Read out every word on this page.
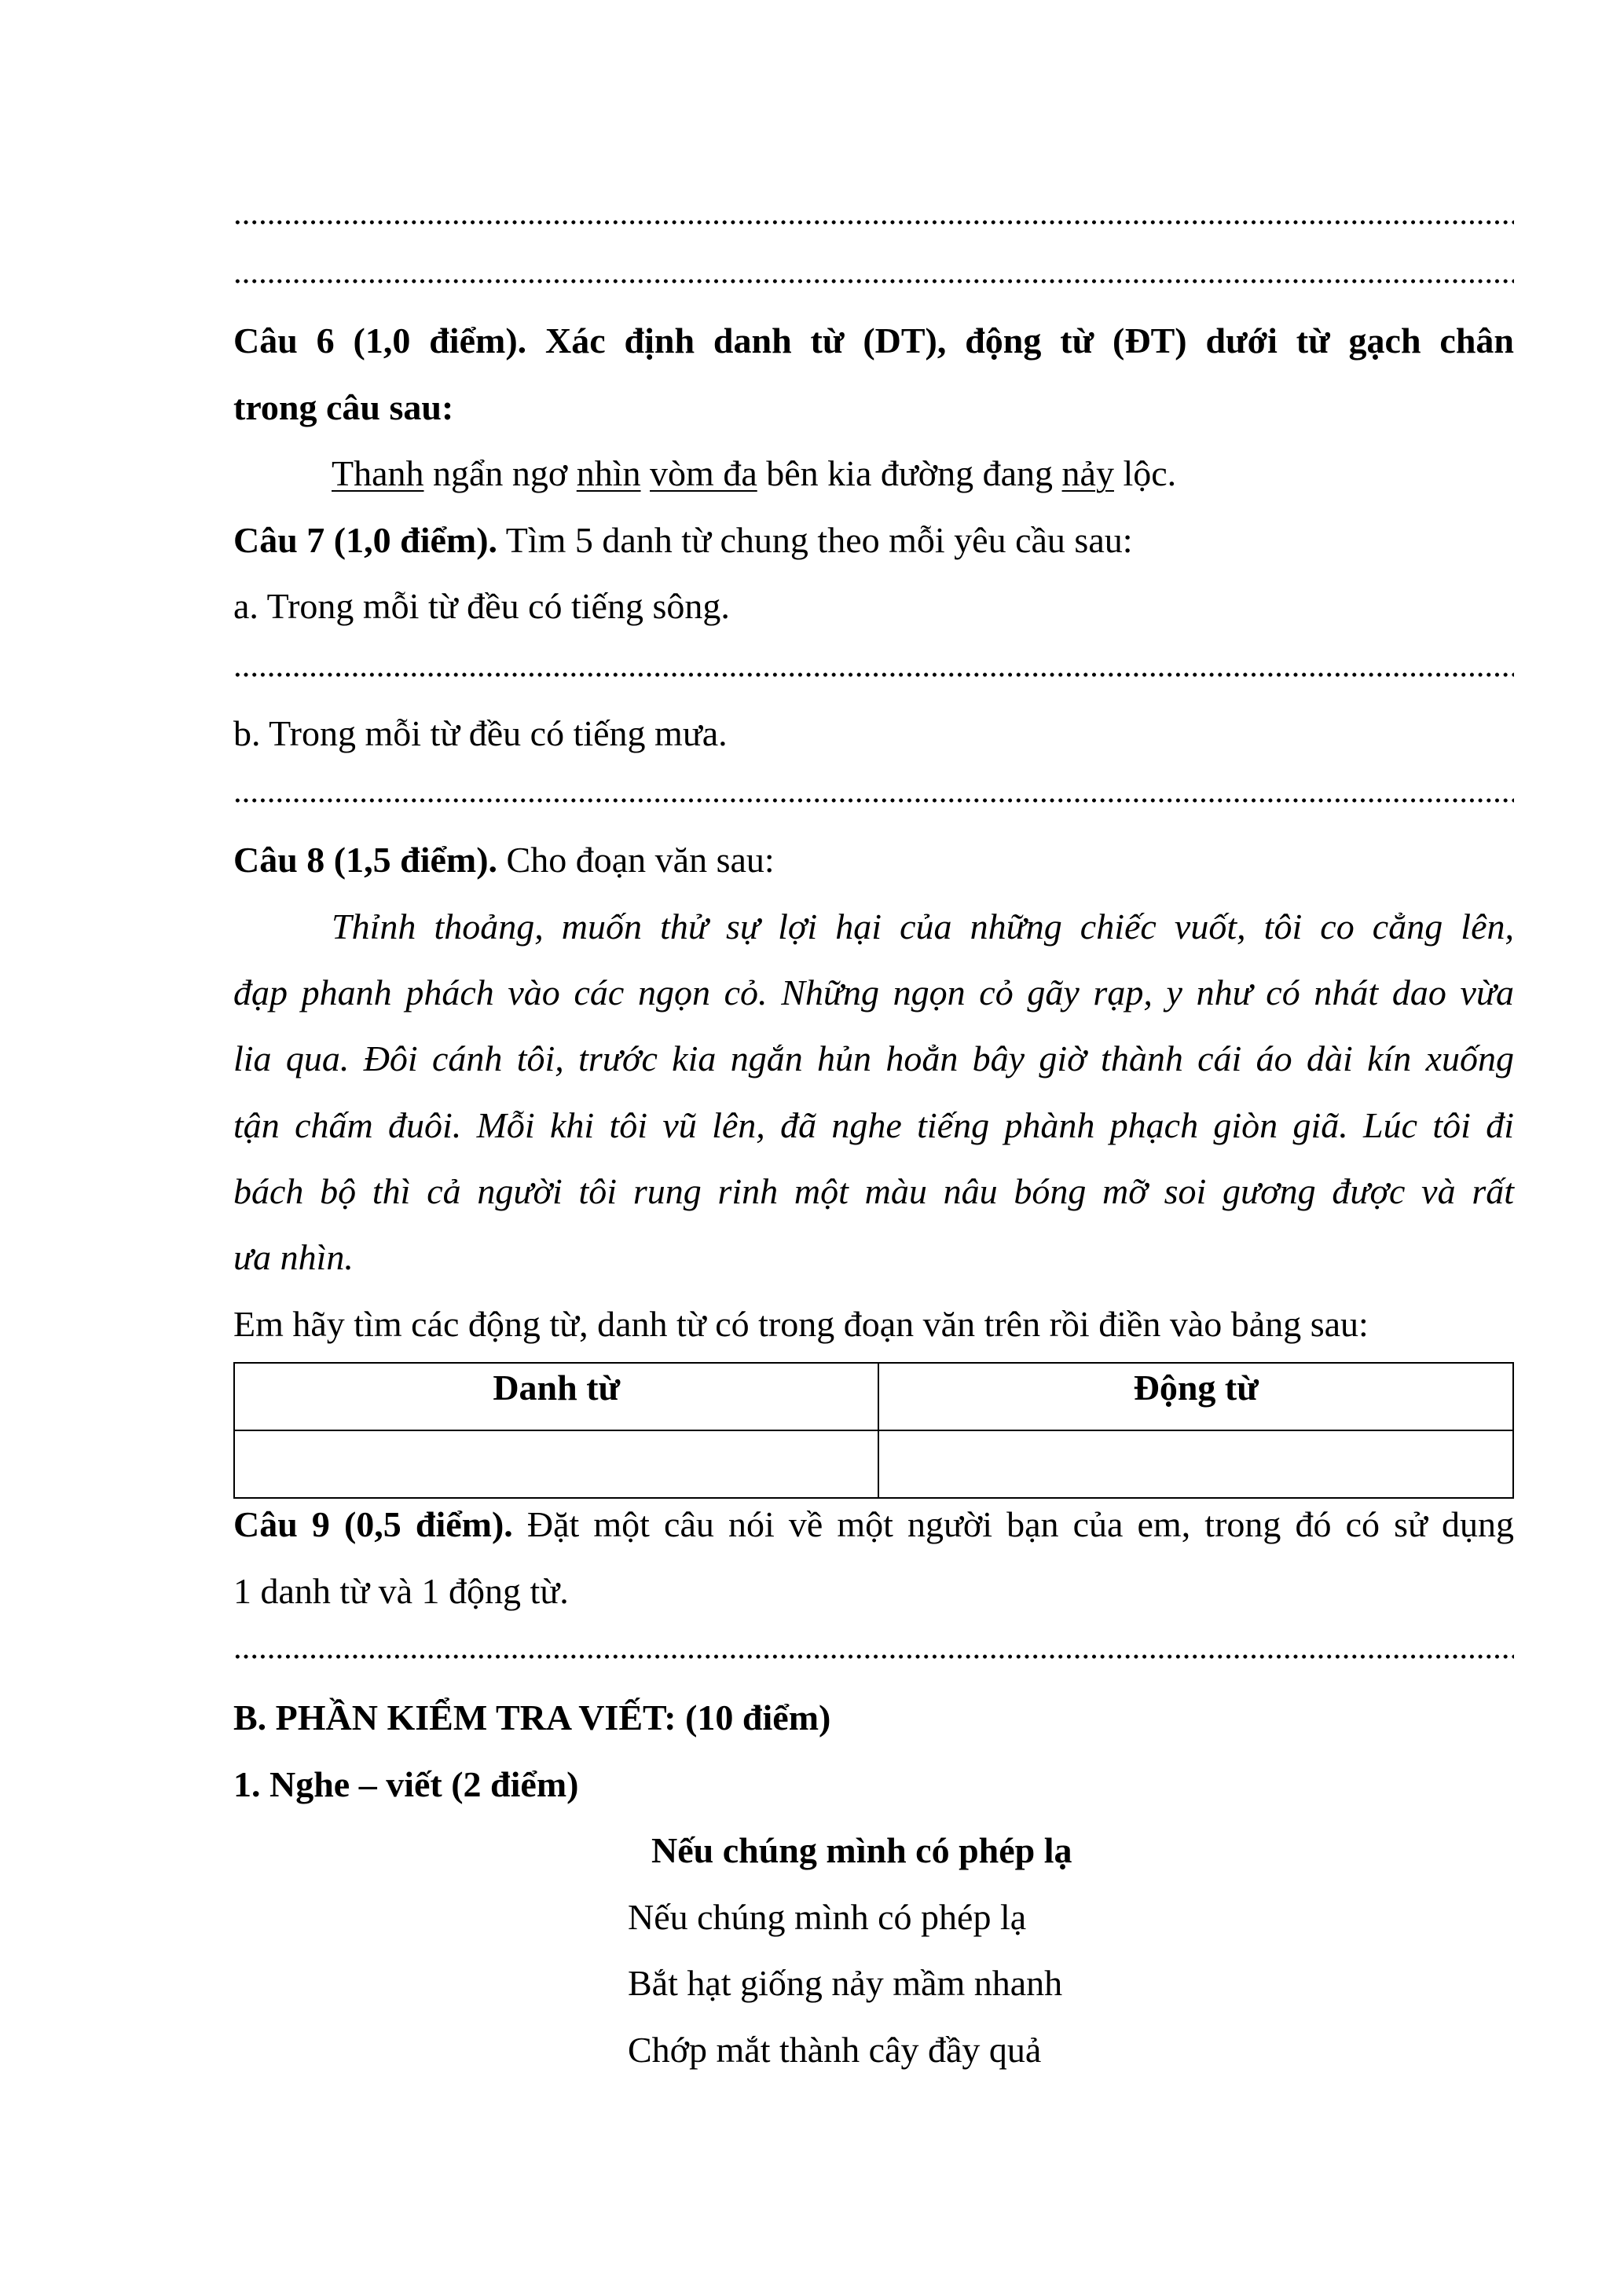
Câu 6 (1,0 điểm). Xác định danh từ (DT), động từ (ĐT) dưới từ gạch chân
trong câu sau:
Thanh ngẩn ngơ nhìn vòm đa bên kia đường đang nảy lộc.
Câu 7 (1,0 điểm). Tìm 5 danh từ chung theo mỗi yêu cầu sau:
a. Trong mỗi từ đều có tiếng sông.
b. Trong mỗi từ đều có tiếng mưa.
Câu 8 (1,5 điểm). Cho đoạn văn sau:
Thỉnh thoảng, muốn thử sự lợi hại của những chiếc vuốt, tôi co cẳng lên,
đạp phanh phách vào các ngọn cỏ. Những ngọn cỏ gãy rạp, y như có nhát dao vừa
lia qua. Đôi cánh tôi, trước kia ngắn hủn hoẳn bây giờ thành cái áo dài kín xuống
tận chấm đuôi. Mỗi khi tôi vũ lên, đã nghe tiếng phành phạch giòn giã. Lúc tôi đi
bách bộ thì cả người tôi rung rinh một màu nâu bóng mỡ soi gương được và rất
ưa nhìn.
Em hãy tìm các động từ, danh từ có trong đoạn văn trên rồi điền vào bảng sau:
Danh từ	Động từ

Câu 9 (0,5 điểm). Đặt một câu nói về một người bạn của em, trong đó có sử dụng
1 danh từ và 1 động từ.
B. PHẦN KIỂM TRA VIẾT: (10 điểm)
1. Nghe – viết (2 điểm)
Nếu chúng mình có phép lạ
Nếu chúng mình có phép lạ
Bắt hạt giống nảy mầm nhanh
Chớp mắt thành cây đầy quả
